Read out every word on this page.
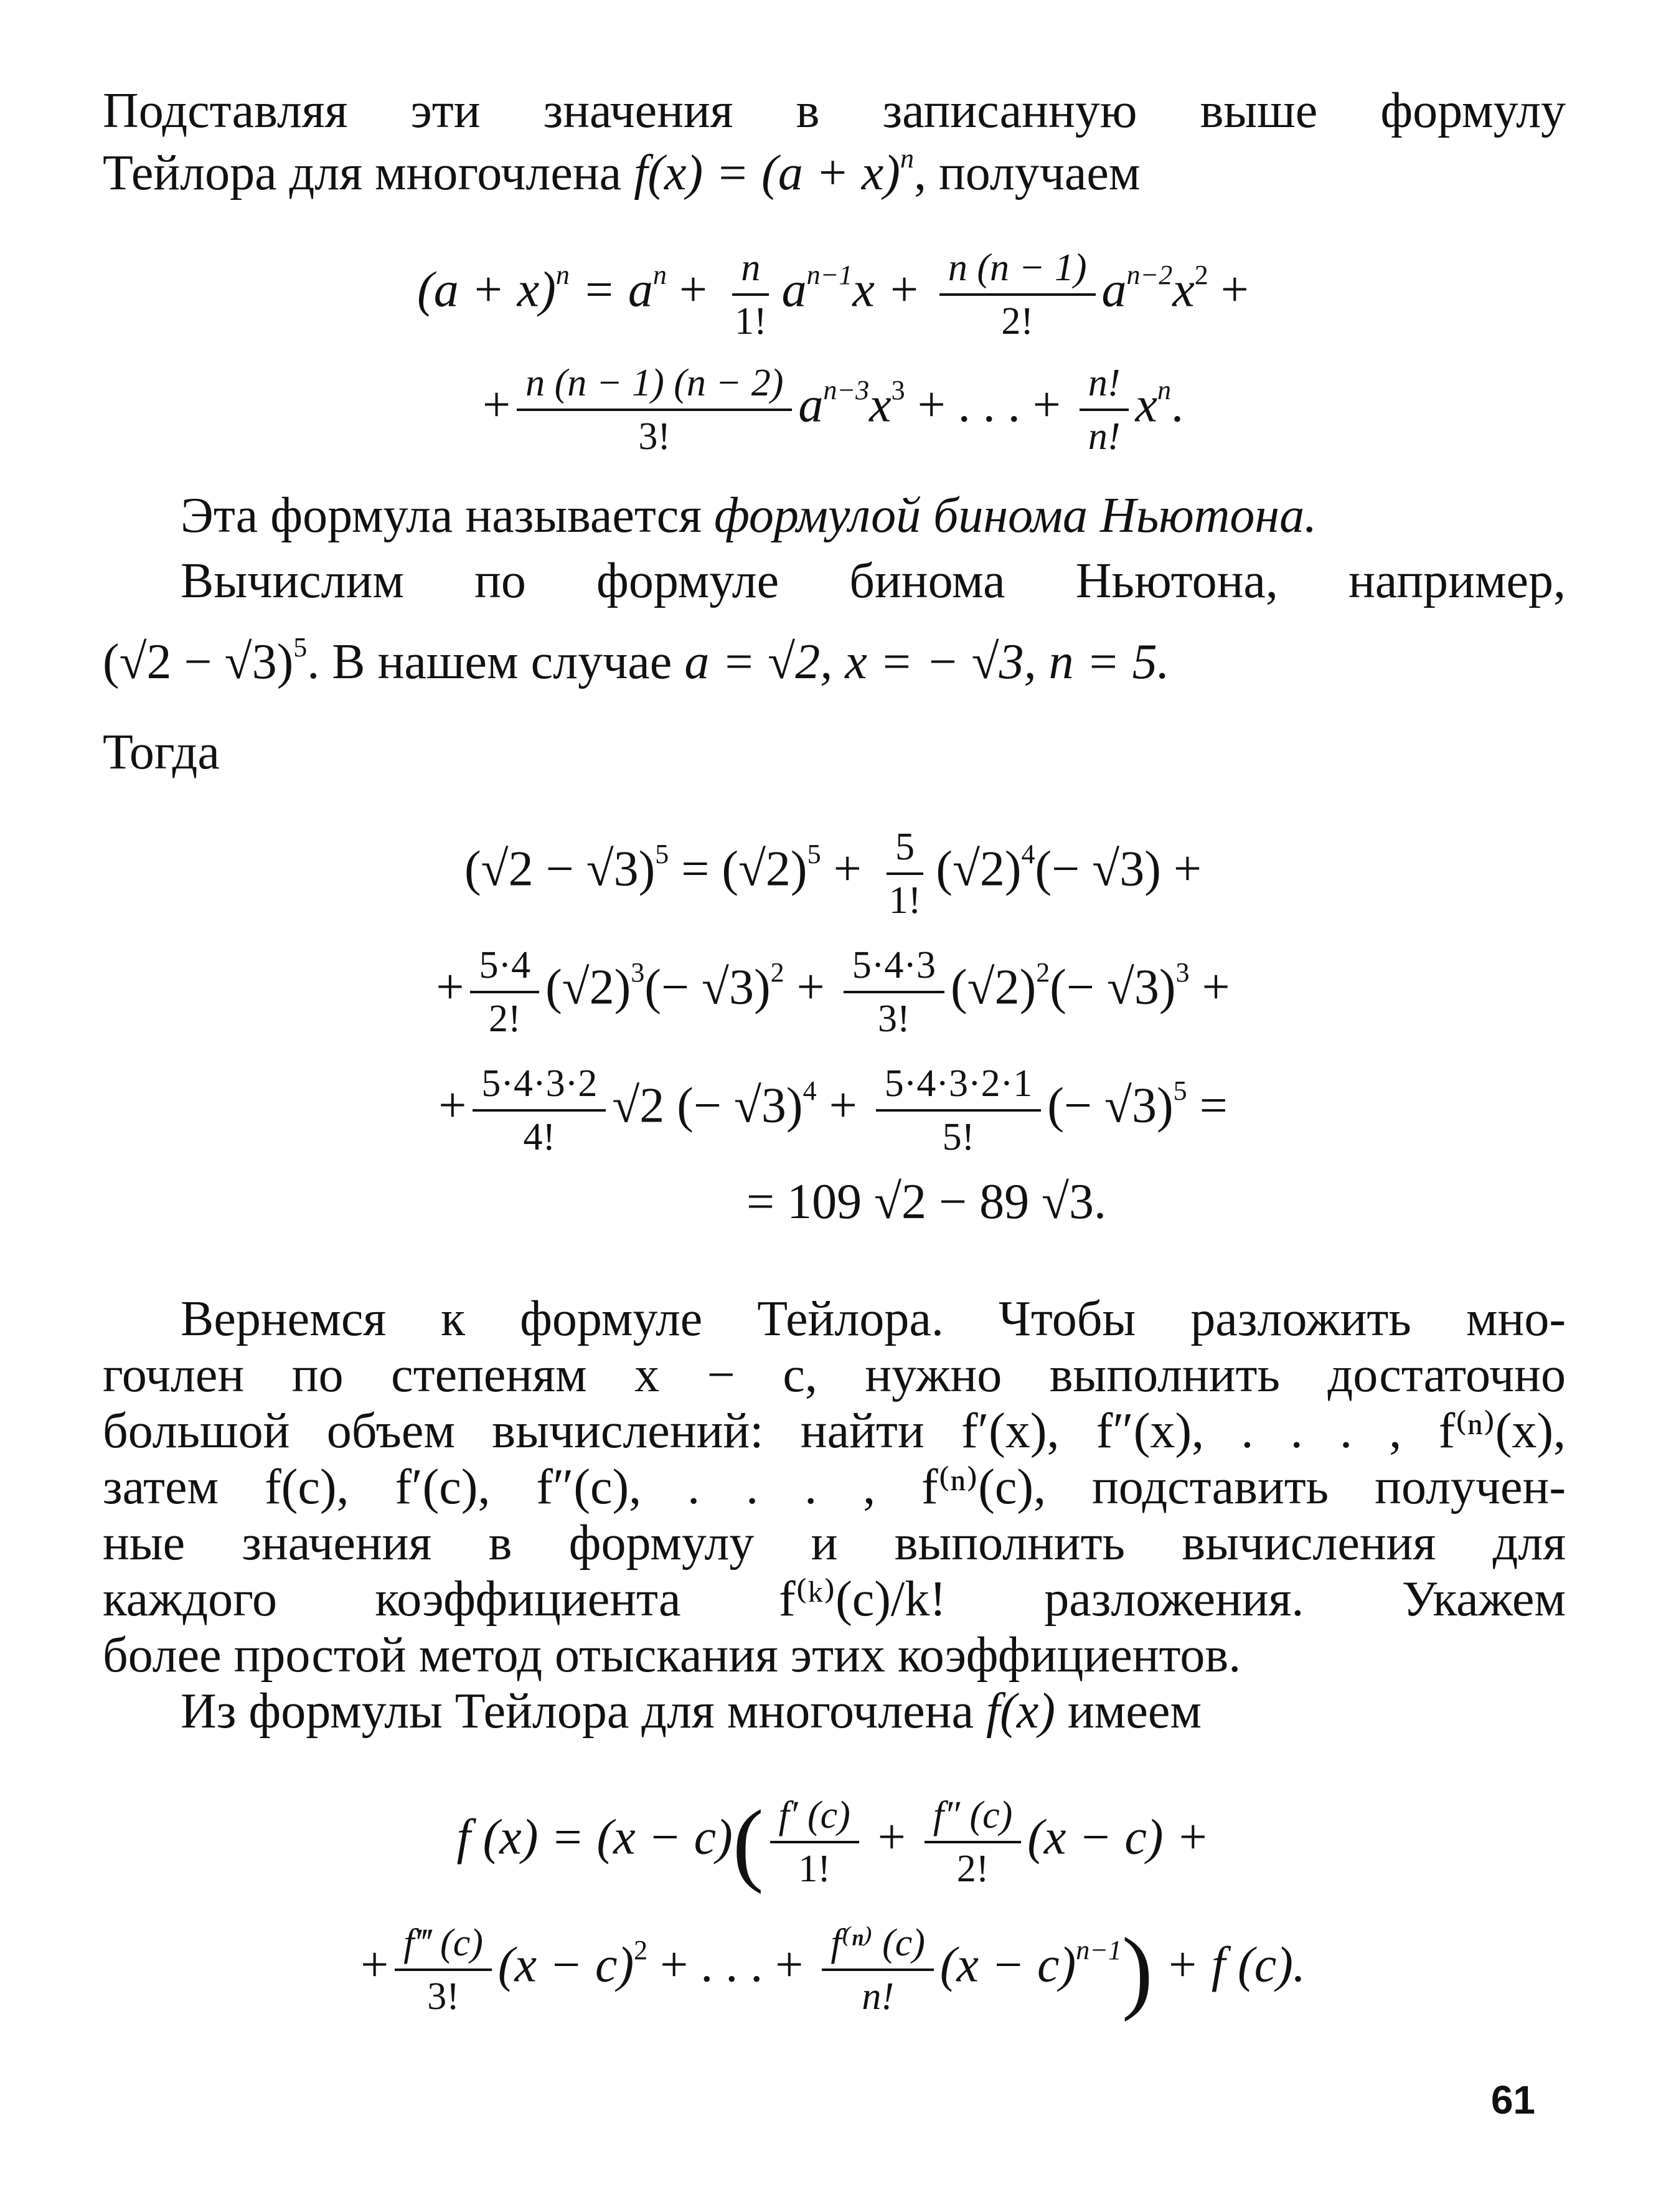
Подставляя эти значения в записанную выше формулу
Тейлора для многочлена $f(x) = (a + x)^n$, получаем
$(a + x)^n = a^n + \frac{n}{1!} a^{n-1}x + \frac{n (n - 1)}{2!} a^{n-2}x^2$ +
+ $\frac{n (n - 1) (n - 2)}{3!} a^{n-3}x^3$ + . . . + $\frac{n!}{n!} x^n$.
Эта формула называется формулой бинома Ньютона.
Вычислим по формуле бинома Ньютона, например,
$(√2 - √3)^5$. В нашем случае a = √2, x = − √3, n = 5.
Тогда
$(√2 - √3)^5 = (√2)^5 + \frac{5}{1!} (√2)^4(- √3)$ +
+ $\frac{5\cdot 4}{2!} (√2)^3(- √3)^2 + \frac{5\cdot 4\cdot 3}{3!} (√2)^2(- √3)^3$ +
+ $\frac{5\cdot 4\cdot 3\cdot 2}{4!} √2$ (− $√3)^4 + \frac{5\cdot 4\cdot 3\cdot 2\cdot 1}{5!}$ (− √3)$^5$ =
= 109 √2 − 89 √3.
Вернемся к формуле Тейлора. Чтобы разложить мно-
гочлен по степеням x − c, нужно выполнить достаточно
большой объем вычислений: найти f′(x), f″(x), . . . , f⁽ⁿ⁾(x),
затем f(c), f′(c), f″(c), . . . , f⁽ⁿ⁾(c), подставить получен-
ные значения в формулу и выполнить вычисления для
каждого коэффициента f⁽ᵏ⁾(c)/k! разложения. Укажем
более простой метод отыскания этих коэффициентов.
Из формулы Тейлора для многочлена f(x) имеем
f $(x) = (x - c)( \frac{f' (c)}{1!} + \frac{f'' (c)}{2!} (x - c)$ +
+ $\frac{f‴ (c)}{3!} (x - c)^2$ + . . . + $\frac{\text{f⁽ⁿ⁾ (c)}}{n!} (x - c)^{n-1}) + f$ (c).
61
